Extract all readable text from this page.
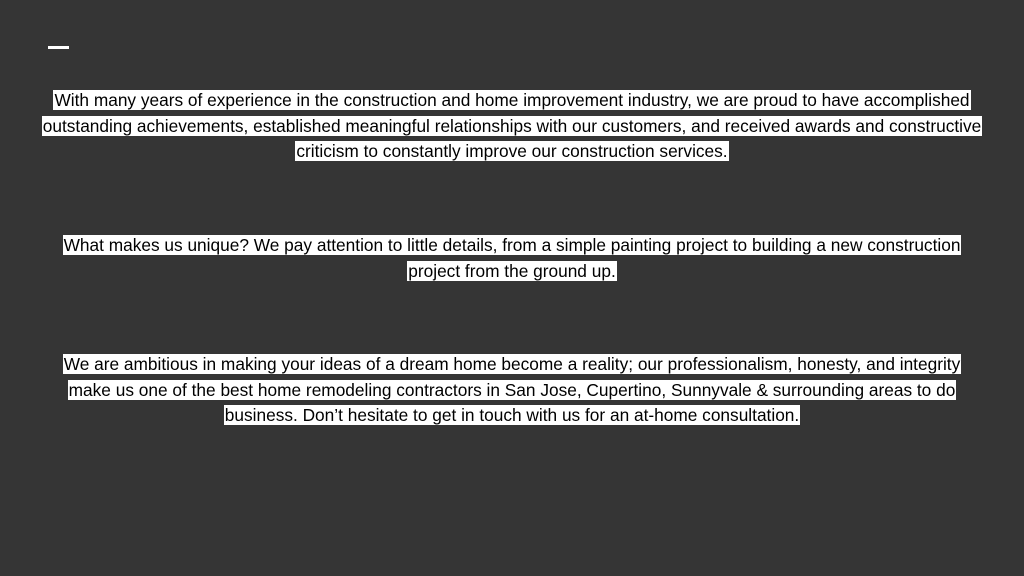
With many years of experience in the construction and home improvement industry, we are proud to have accomplished outstanding achievements, established meaningful relationships with our customers, and received awards and constructive criticism to constantly improve our construction services.

What makes us unique? We pay attention to little details, from a simple painting project to building a new construction project from the ground up.

We are ambitious in making your ideas of a dream home become a reality; our professionalism, honesty, and integrity make us one of the best home remodeling contractors in San Jose, Cupertino, Sunnyvale & surrounding areas to do business. Don’t hesitate to get in touch with us for an at-home consultation.
